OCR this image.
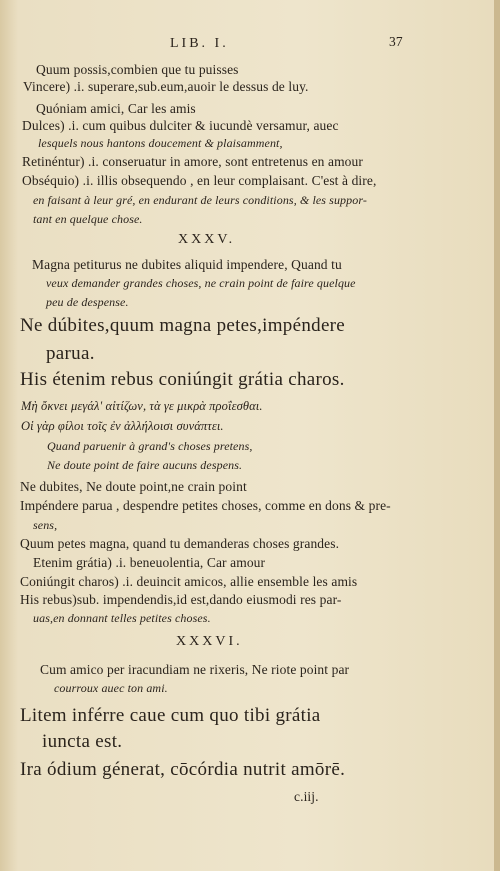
LIB. I.	37
Quum possis,combien que tu puisses
Vincere) .i. superare,sub.eum,auoir le dessus de luy.
Quóniam amici, Car les amis
Dulces) .i. cum quibus dulciter & iucundè versamur, auec
lesquels nous hantons doucement & plaisamment,
Retinéntur) .i. conseruatur in amore, sont entretenus en amour
Obséquio) .i. illis obsequendo , en leur complaisant. C'est à dire,
en faisant à leur gré, en endurant de leurs conditions, & les suppor-
tant en quelque chose.
XXXV.
Magna petiturus ne dubites aliquid impendere, Quand tu
veux demander grandes choses, ne crain point de faire quelque
peu de despense.
Ne dúbites,quum magna petes,impéndere
parua.
His étenim rebus coniúngit grátia charos.
Μὴ ὄκνει μεγάλ' αἰτίζων, τὰ γε μικρὰ προΐεσθαι.
Οἱ γὰρ φίλοι τοῖς ἐν ἀλλήλοισι συνάπτει.
Quand paruenir à grand's choses pretens,
Ne doute point de faire aucuns despens.
Ne dubites, Ne doute point,ne crain point
Impéndere parua , despendre petites choses, comme en dons & pre-
sens,
Quum petes magna, quand tu demanderas choses grandes.
Etenim grátia) .i. beneuolentia, Car amour
Coniúngit charos) .i. deuincit amicos, allie ensemble les amis
His rebus)sub. impendendis,id est,dando eiusmodi res par-
uas,en donnant telles petites choses.
XXXVI.
Cum amico per iracundiam ne rixeris, Ne riote point par
courroux auec ton ami.
Litem inférre caue cum quo tibi grátia
iuncta est.
Ira ódium génerat, cōcórdia nutrit amōrē.
c.iij.
